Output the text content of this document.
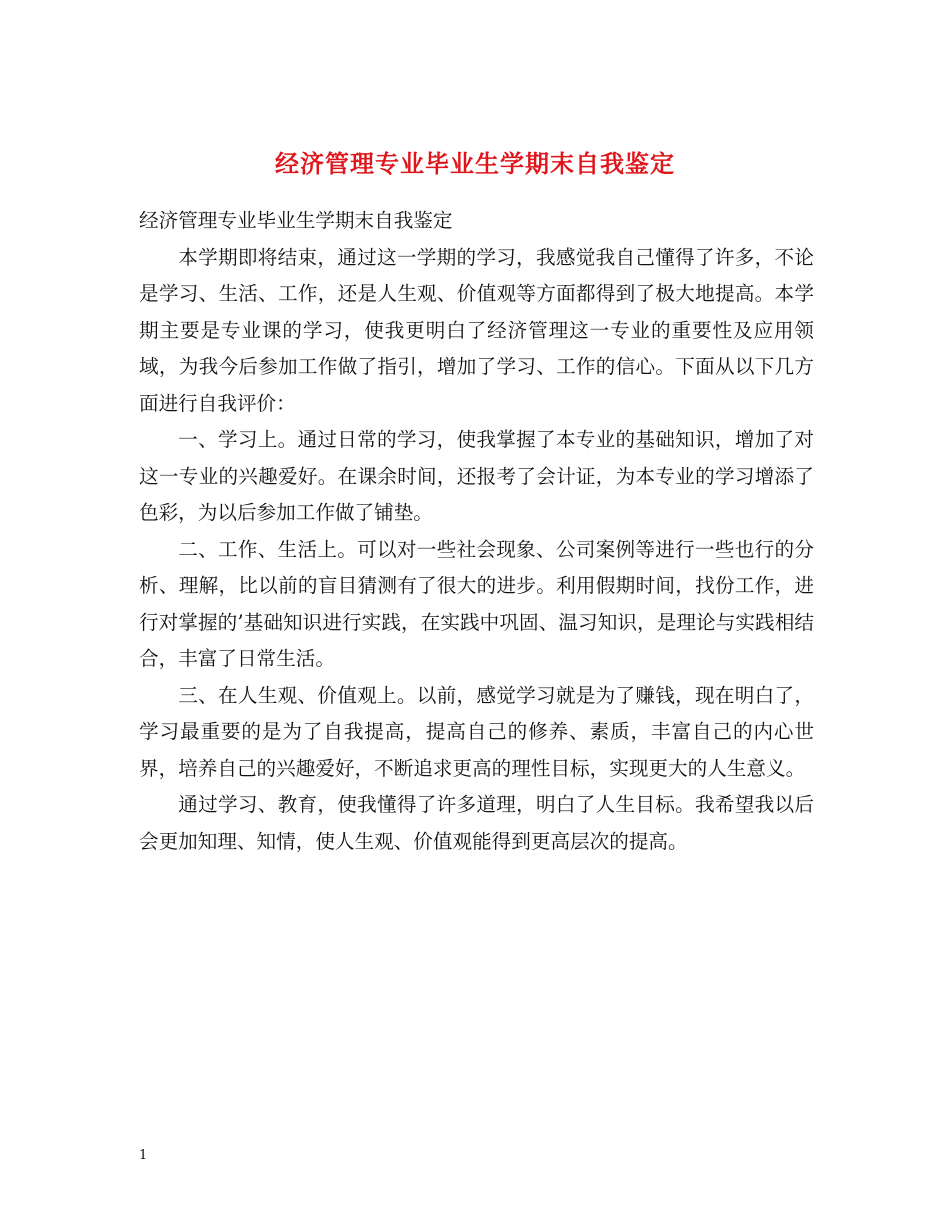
经济管理专业毕业生学期末自我鉴定

经济管理专业毕业生学期末自我鉴定

本学期即将结束，通过这一学期的学习，我感觉我自己懂得了许多，不论是学习、生活、工作，还是人生观、价值观等方面都得到了极大地提高。本学期主要是专业课的学习，使我更明白了经济管理这一专业的重要性及应用领域，为我今后参加工作做了指引，增加了学习、工作的信心。下面从以下几方面进行自我评价：

一、学习上。通过日常的学习，使我掌握了本专业的基础知识，增加了对这一专业的兴趣爱好。在课余时间，还报考了会计证，为本专业的学习增添了色彩，为以后参加工作做了铺垫。

二、工作、生活上。可以对一些社会现象、公司案例等进行一些也行的分析、理解，比以前的盲目猜测有了很大的进步。利用假期时间，找份工作，进行对掌握的’基础知识进行实践，在实践中巩固、温习知识，是理论与实践相结合，丰富了日常生活。

三、在人生观、价值观上。以前，感觉学习就是为了赚钱，现在明白了，学习最重要的是为了自我提高，提高自己的修养、素质，丰富自己的内心世界，培养自己的兴趣爱好，不断追求更高的理性目标，实现更大的人生意义。

通过学习、教育，使我懂得了许多道理，明白了人生目标。我希望我以后会更加知理、知情，使人生观、价值观能得到更高层次的提高。

1
